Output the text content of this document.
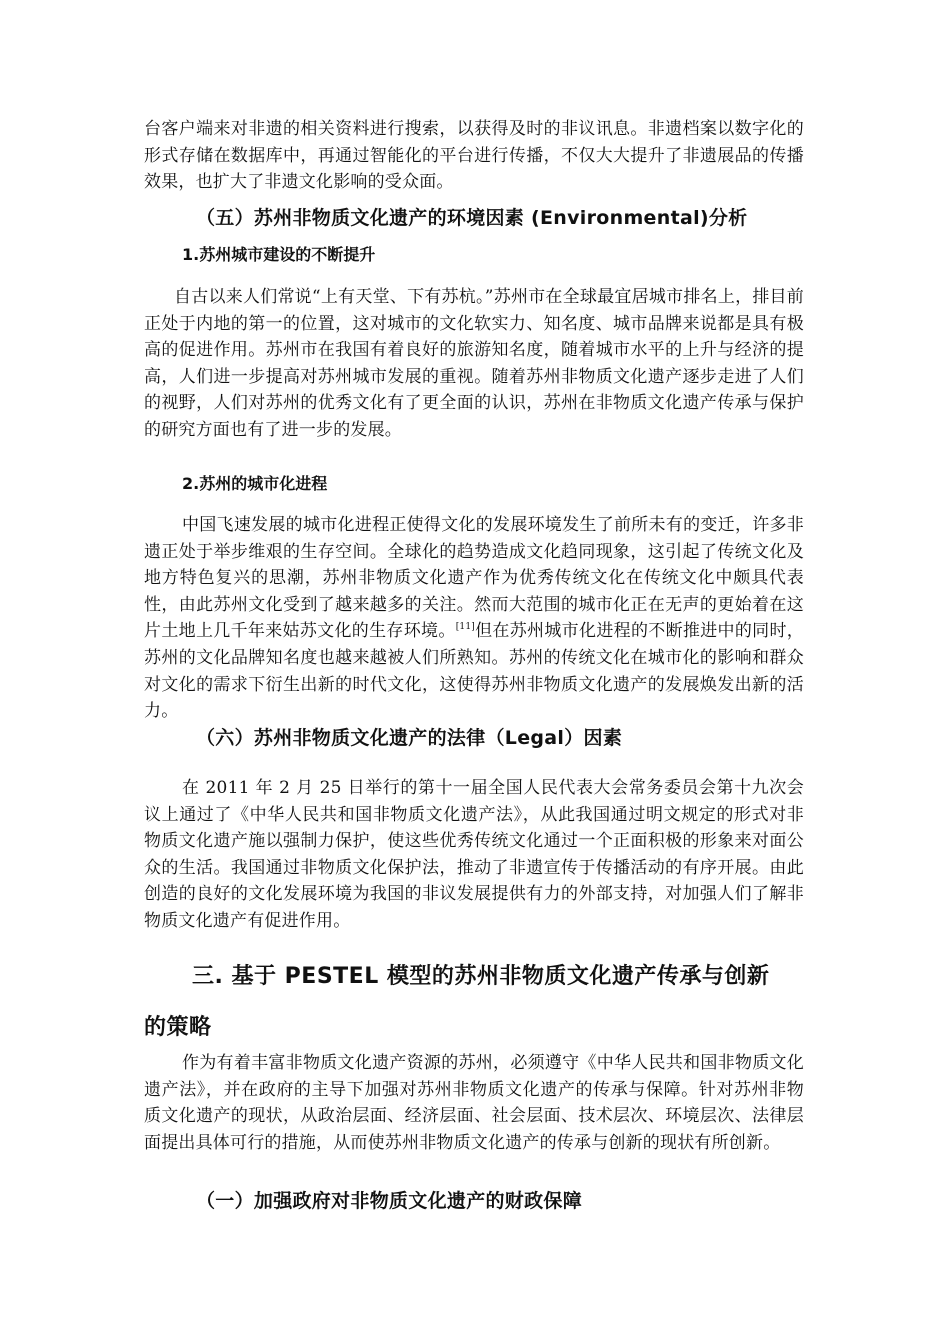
台客户端来对非遗的相关资料进行搜索，以获得及时的非议讯息。非遗档案以数字化的形式存储在数据库中，再通过智能化的平台进行传播，不仅大大提升了非遗展品的传播效果，也扩大了非遗文化影响的受众面。

（五）苏州非物质文化遗产的环境因素 (Environmental)分析
1.苏州城市建设的不断提升

自古以来人们常说“上有天堂、下有苏杭。”苏州市在全球最宜居城市排名上，排目前正处于内地的第一的位置，这对城市的文化软实力、知名度、城市品牌来说都是具有极高的促进作用。苏州市在我国有着良好的旅游知名度，随着城市水平的上升与经济的提高，人们进一步提高对苏州城市发展的重视。随着苏州非物质文化遗产逐步走进了人们的视野，人们对苏州的优秀文化有了更全面的认识，苏州在非物质文化遗产传承与保护的研究方面也有了进一步的发展。

2.苏州的城市化进程

中国飞速发展的城市化进程正使得文化的发展环境发生了前所未有的变迁，许多非遗正处于举步维艰的生存空间。全球化的趋势造成文化趋同现象，这引起了传统文化及地方特色复兴的思潮，苏州非物质文化遗产作为优秀传统文化在传统文化中颇具代表性，由此苏州文化受到了越来越多的关注。然而大范围的城市化正在无声的更始着在这片土地上几千年来姑苏文化的生存环境。[11]但在苏州城市化进程的不断推进中的同时，苏州的文化品牌知名度也越来越被人们所熟知。苏州的传统文化在城市化的影响和群众对文化的需求下衍生出新的时代文化，这使得苏州非物质文化遗产的发展焕发出新的活力。

（六）苏州非物质文化遗产的法律（Legal）因素

在 2011 年 2 月 25 日举行的第十一届全国人民代表大会常务委员会第十九次会议上通过了《中华人民共和国非物质文化遗产法》，从此我国通过明文规定的形式对非物质文化遗产施以强制力保护，使这些优秀传统文化通过一个正面积极的形象来对面公众的生活。我国通过非物质文化保护法，推动了非遗宣传于传播活动的有序开展。由此创造的良好的文化发展环境为我国的非议发展提供有力的外部支持，对加强人们了解非物质文化遗产有促进作用。

三. 基于 PESTEL 模型的苏州非物质文化遗产传承与创新
的策略

作为有着丰富非物质文化遗产资源的苏州，必须遵守《中华人民共和国非物质文化遗产法》，并在政府的主导下加强对苏州非物质文化遗产的传承与保障。针对苏州非物质文化遗产的现状，从政治层面、经济层面、社会层面、技术层次、环境层次、法律层面提出具体可行的措施，从而使苏州非物质文化遗产的传承与创新的现状有所创新。

（一）加强政府对非物质文化遗产的财政保障
